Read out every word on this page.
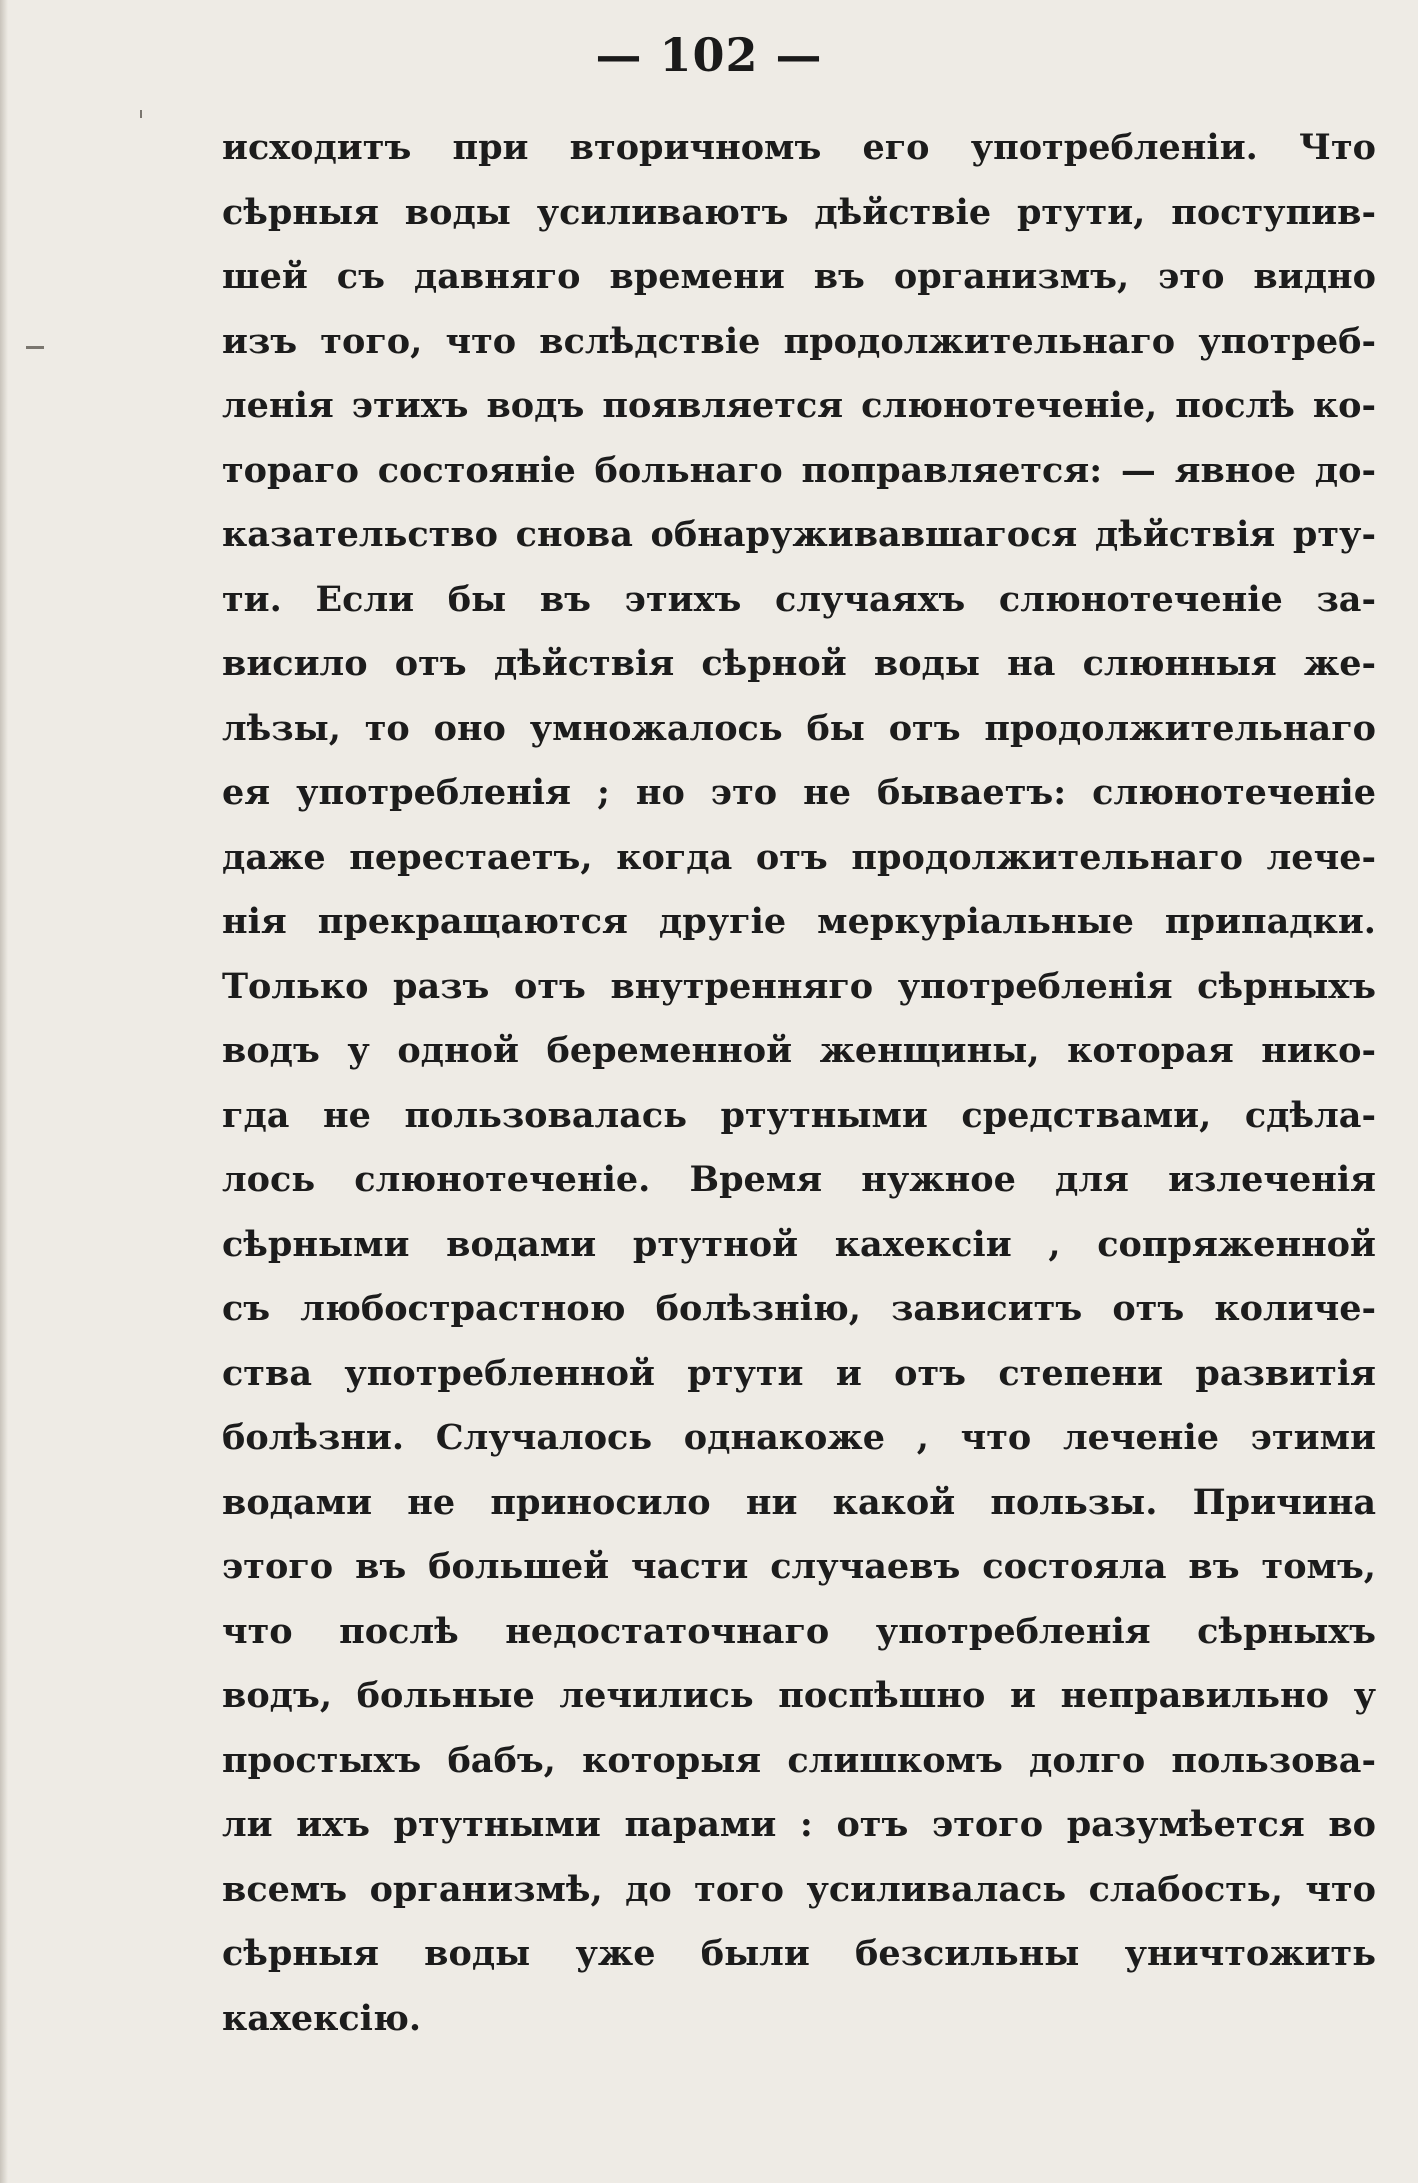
— 102 —
исходитъ при вторичномъ его употребленіи. Что
сѣрныя воды усиливаютъ дѣйствіе ртути, поступив-
шей съ давняго времени въ организмъ, это видно
изъ того, что вслѣдствіе продолжительнаго употреб-
ленія этихъ водъ появляется слюнотеченіе, послѣ ко-
тораго состояніе больнаго поправляется: — явное до-
казательство снова обнаруживавшагося дѣйствія рту-
ти. Если бы въ этихъ случаяхъ слюнотеченіе за-
висило отъ дѣйствія сѣрной воды на слюнныя же-
лѣзы, то оно умножалось бы отъ продолжительнаго
ея употребленія ; но это не бываетъ: слюнотеченіе
даже перестаетъ, когда отъ продолжительнаго лече-
нія прекращаются другіе меркуріальные припадки.
Только разъ отъ внутренняго употребленія сѣрныхъ
водъ у одной беременной женщины, которая нико-
гда не пользовалась ртутными средствами, сдѣла-
лось слюнотеченіе. Время нужное для излеченія
сѣрными водами ртутной кахексіи , сопряженной
съ любострастною болѣзнію, зависитъ отъ количе-
ства употребленной ртути и отъ степени развитія
болѣзни. Случалось однакоже , что леченіе этими
водами не приносило ни какой пользы. Причина
этого въ большей части случаевъ состояла въ томъ,
что послѣ недостаточнаго употребленія сѣрныхъ
водъ, больные лечились поспѣшно и неправильно у
простыхъ бабъ, которыя слишкомъ долго пользова-
ли ихъ ртутными парами : отъ этого разумѣется во
всемъ организмѣ, до того усиливалась слабость, что
сѣрныя воды уже были безсильны уничтожить
кахексію.
